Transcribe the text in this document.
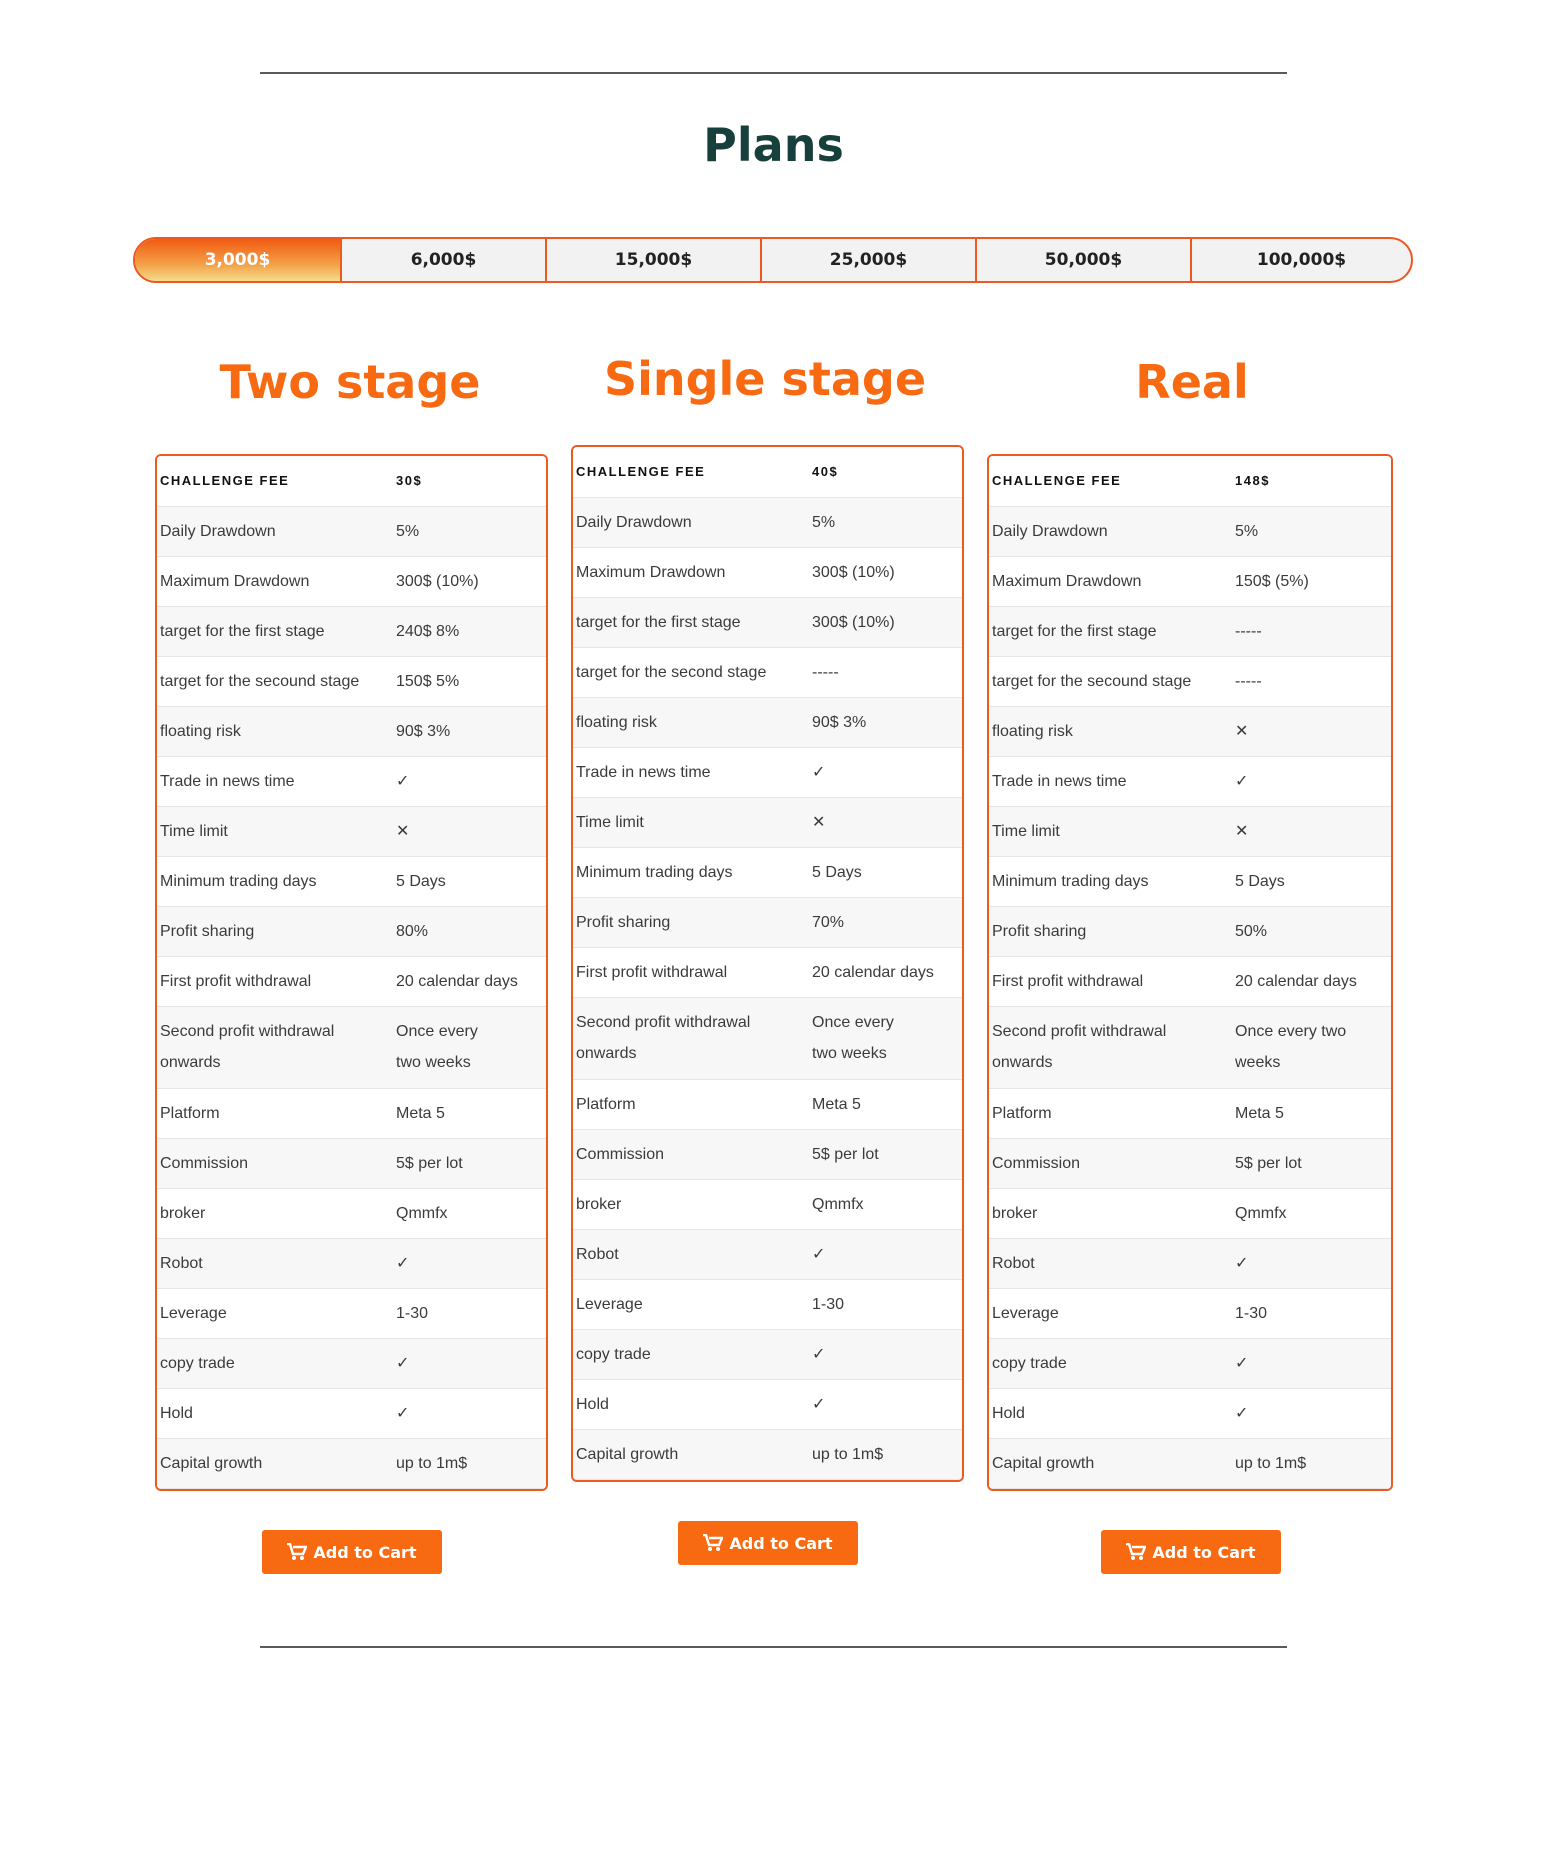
Plans
3,000$	6,000$	15,000$	25,000$	50,000$	100,000$
Two stage	Single stage	Real
CHALLENGE FEE	30$
Daily Drawdown	5%
Maximum Drawdown	300$ (10%)
target for the first stage	240$ 8%
target for the secound stage	150$ 5%
floating risk	90$ 3%
Trade in news time	✓
Time limit	✕
Minimum trading days	5 Days
Profit sharing	80%
First profit withdrawal	20 calendar days
Second profit withdrawal onwards	Once every two weeks
Platform	Meta 5
Commission	5$ per lot
broker	Qmmfx
Robot	✓
Leverage	1-30
copy trade	✓
Hold	✓
Capital growth	up to 1m$
CHALLENGE FEE	40$
Daily Drawdown	5%
Maximum Drawdown	300$ (10%)
target for the first stage	300$ (10%)
target for the second stage	-----
floating risk	90$ 3%
Trade in news time	✓
Time limit	✕
Minimum trading days	5 Days
Profit sharing	70%
First profit withdrawal	20 calendar days
Second profit withdrawal onwards	Once every two weeks
Platform	Meta 5
Commission	5$ per lot
broker	Qmmfx
Robot	✓
Leverage	1-30
copy trade	✓
Hold	✓
Capital growth	up to 1m$
CHALLENGE FEE	148$
Daily Drawdown	5%
Maximum Drawdown	150$ (5%)
target for the first stage	-----
target for the secound stage	-----
floating risk	✕
Trade in news time	✓
Time limit	✕
Minimum trading days	5 Days
Profit sharing	50%
First profit withdrawal	20 calendar days
Second profit withdrawal onwards	Once every two weeks
Platform	Meta 5
Commission	5$ per lot
broker	Qmmfx
Robot	✓
Leverage	1-30
copy trade	✓
Hold	✓
Capital growth	up to 1m$
Add to Cart	Add to Cart	Add to Cart
